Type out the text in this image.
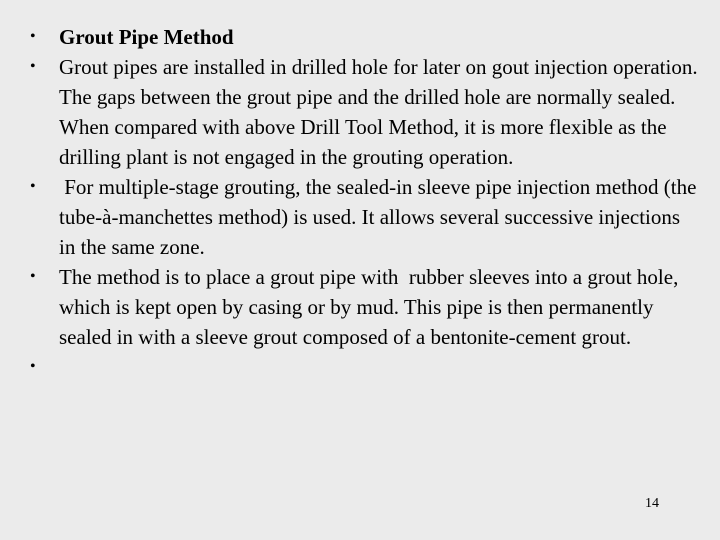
• Grout Pipe Method
• Grout pipes are installed in drilled hole for later on gout injection operation. The gaps between the grout pipe and the drilled hole are normally sealed. When compared with above Drill Tool Method, it is more flexible as the drilling plant is not engaged in the grouting operation.
• For multiple-stage grouting, the sealed-in sleeve pipe injection method (the tube-à-manchettes method) is used. It allows several successive injections in the same zone.
• The method is to place a grout pipe with  rubber sleeves into a grout hole, which is kept open by casing or by mud. This pipe is then permanently sealed in with a sleeve grout composed of a bentonite-cement grout.
•
14
